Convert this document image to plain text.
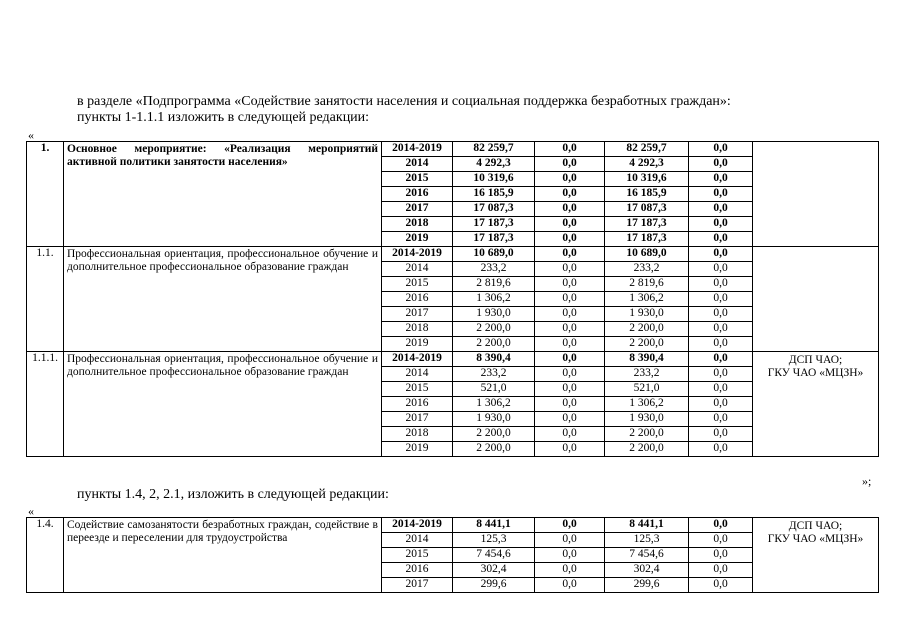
в разделе «Подпрограмма «Содействие занятости населения и социальная поддержка безработных граждан»:
пункты 1-1.1.1 изложить в следующей редакции:
«
1.	Основное мероприятие: «Реализация мероприятий активной политики занятости населения»	2014-2019	82 259,7	0,0	82 259,7	0,0	
		2014	4 292,3	0,0	4 292,3	0,0	
		2015	10 319,6	0,0	10 319,6	0,0	
		2016	16 185,9	0,0	16 185,9	0,0	
		2017	17 087,3	0,0	17 087,3	0,0	
		2018	17 187,3	0,0	17 187,3	0,0	
		2019	17 187,3	0,0	17 187,3	0,0	
1.1.	Профессиональная ориентация, профессиональное обучение и дополнительное профессиональное образование граждан	2014-2019	10 689,0	0,0	10 689,0	0,0	
		2014	233,2	0,0	233,2	0,0	
		2015	2 819,6	0,0	2 819,6	0,0	
		2016	1 306,2	0,0	1 306,2	0,0	
		2017	1 930,0	0,0	1 930,0	0,0	
		2018	2 200,0	0,0	2 200,0	0,0	
		2019	2 200,0	0,0	2 200,0	0,0	
1.1.1.	Профессиональная ориентация, профессиональное обучение и дополнительное профессиональное образование граждан	2014-2019	8 390,4	0,0	8 390,4	0,0	ДСП ЧАО;
ГКУ ЧАО «МЦЗН»
		2014	233,2	0,0	233,2	0,0	
		2015	521,0	0,0	521,0	0,0	
		2016	1 306,2	0,0	1 306,2	0,0	
		2017	1 930,0	0,0	1 930,0	0,0	
		2018	2 200,0	0,0	2 200,0	0,0	
		2019	2 200,0	0,0	2 200,0	0,0	
»;
пункты 1.4, 2, 2.1, изложить в следующей редакции:
«
1.4.	Содействие самозанятости безработных граждан, содействие в переезде и переселении для трудоустройства	2014-2019	8 441,1	0,0	8 441,1	0,0	ДСП ЧАО;
ГКУ ЧАО «МЦЗН»
		2014	125,3	0,0	125,3	0,0	
		2015	7 454,6	0,0	7 454,6	0,0	
		2016	302,4	0,0	302,4	0,0	
		2017	299,6	0,0	299,6	0,0	
